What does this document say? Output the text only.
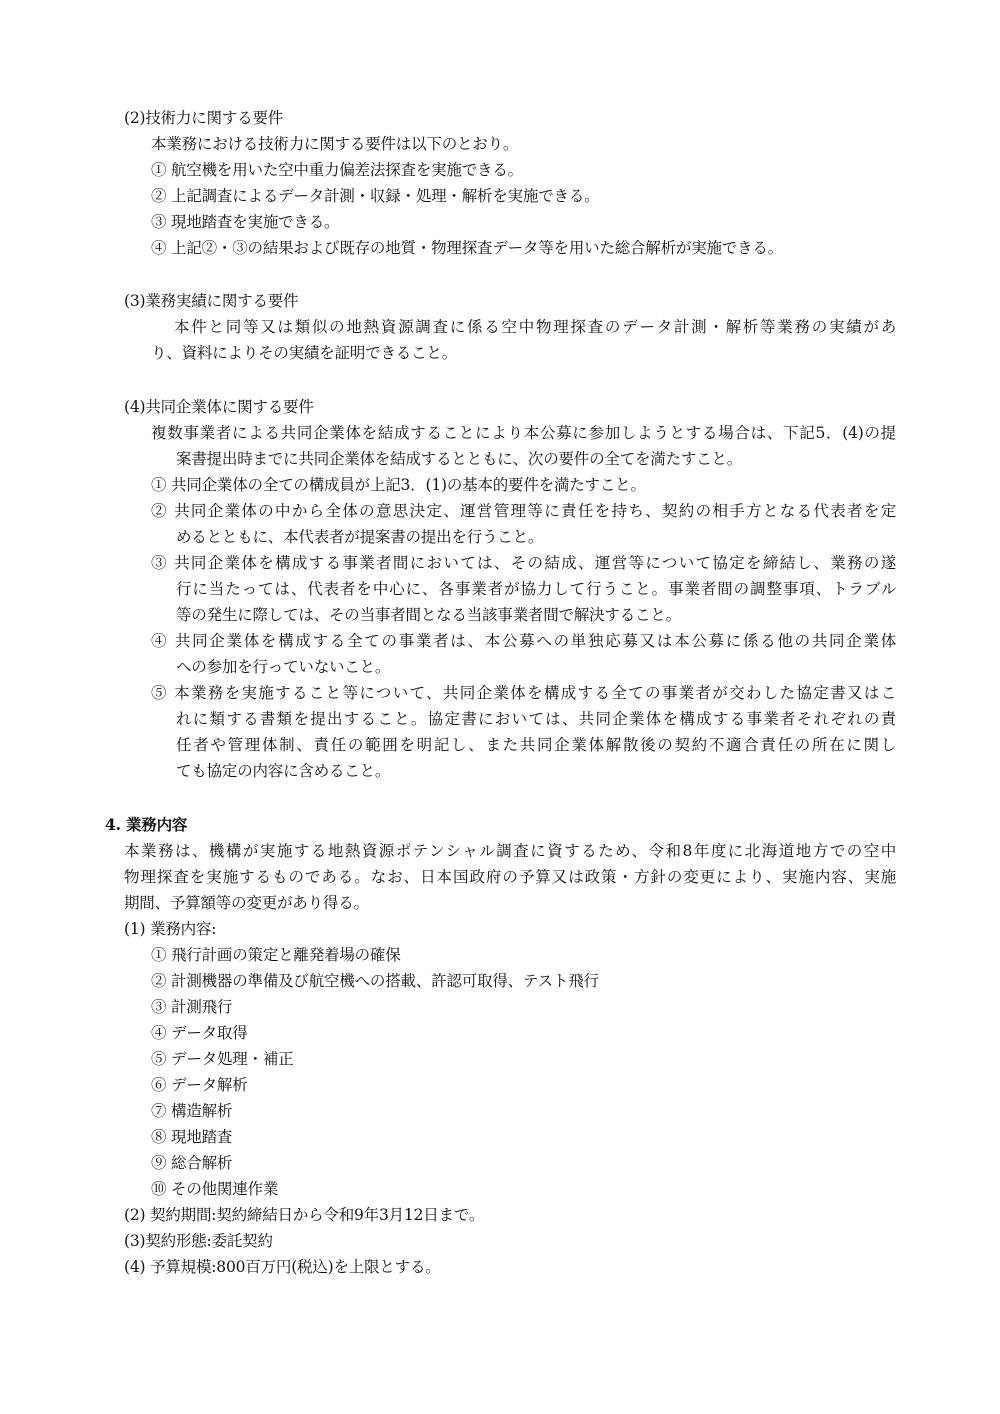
(2)技術力に関する要件
本業務における技術力に関する要件は以下のとおり。
① 航空機を用いた空中重力偏差法探査を実施できる。
② 上記調査によるデータ計測・収録・処理・解析を実施できる。
③ 現地踏査を実施できる。
④ 上記②・③の結果および既存の地質・物理探査データ等を用いた総合解析が実施できる。
(3)業務実績に関する要件
本件と同等又は類似の地熱資源調査に係る空中物理探査のデータ計測・解析等業務の実績があ
り、資料によりその実績を証明できること。
(4)共同企業体に関する要件
複数事業者による共同企業体を結成することにより本公募に参加しようとする場合は、下記5．(4)の提
案書提出時までに共同企業体を結成するとともに、次の要件の全てを満たすこと。
① 共同企業体の全ての構成員が上記3．(1)の基本的要件を満たすこと。
② 共同企業体の中から全体の意思決定、運営管理等に責任を持ち、契約の相手方となる代表者を定
めるとともに、本代表者が提案書の提出を行うこと。
③ 共同企業体を構成する事業者間においては、その結成、運営等について協定を締結し、業務の遂
行に当たっては、代表者を中心に、各事業者が協力して行うこと。事業者間の調整事項、トラブル
等の発生に際しては、その当事者間となる当該事業者間で解決すること。
④ 共同企業体を構成する全ての事業者は、本公募への単独応募又は本公募に係る他の共同企業体
への参加を行っていないこと。
⑤ 本業務を実施すること等について、共同企業体を構成する全ての事業者が交わした協定書又はこ
れに類する書類を提出すること。協定書においては、共同企業体を構成する事業者それぞれの責
任者や管理体制、責任の範囲を明記し、また共同企業体解散後の契約不適合責任の所在に関し
ても協定の内容に含めること。
4. 業務内容
本業務は、機構が実施する地熱資源ポテンシャル調査に資するため、令和8年度に北海道地方での空中
物理探査を実施するものである。なお、日本国政府の予算又は政策・方針の変更により、実施内容、実施
期間、予算額等の変更があり得る。
(1) 業務内容:
① 飛行計画の策定と離発着場の確保
② 計測機器の準備及び航空機への搭載、許認可取得、テスト飛行
③ 計測飛行
④ データ取得
⑤ データ処理・補正
⑥ データ解析
⑦ 構造解析
⑧ 現地踏査
⑨ 総合解析
⑩ その他関連作業
(2) 契約期間:契約締結日から令和9年3月12日まで。
(3)契約形態:委託契約
(4) 予算規模:800百万円(税込)を上限とする。
